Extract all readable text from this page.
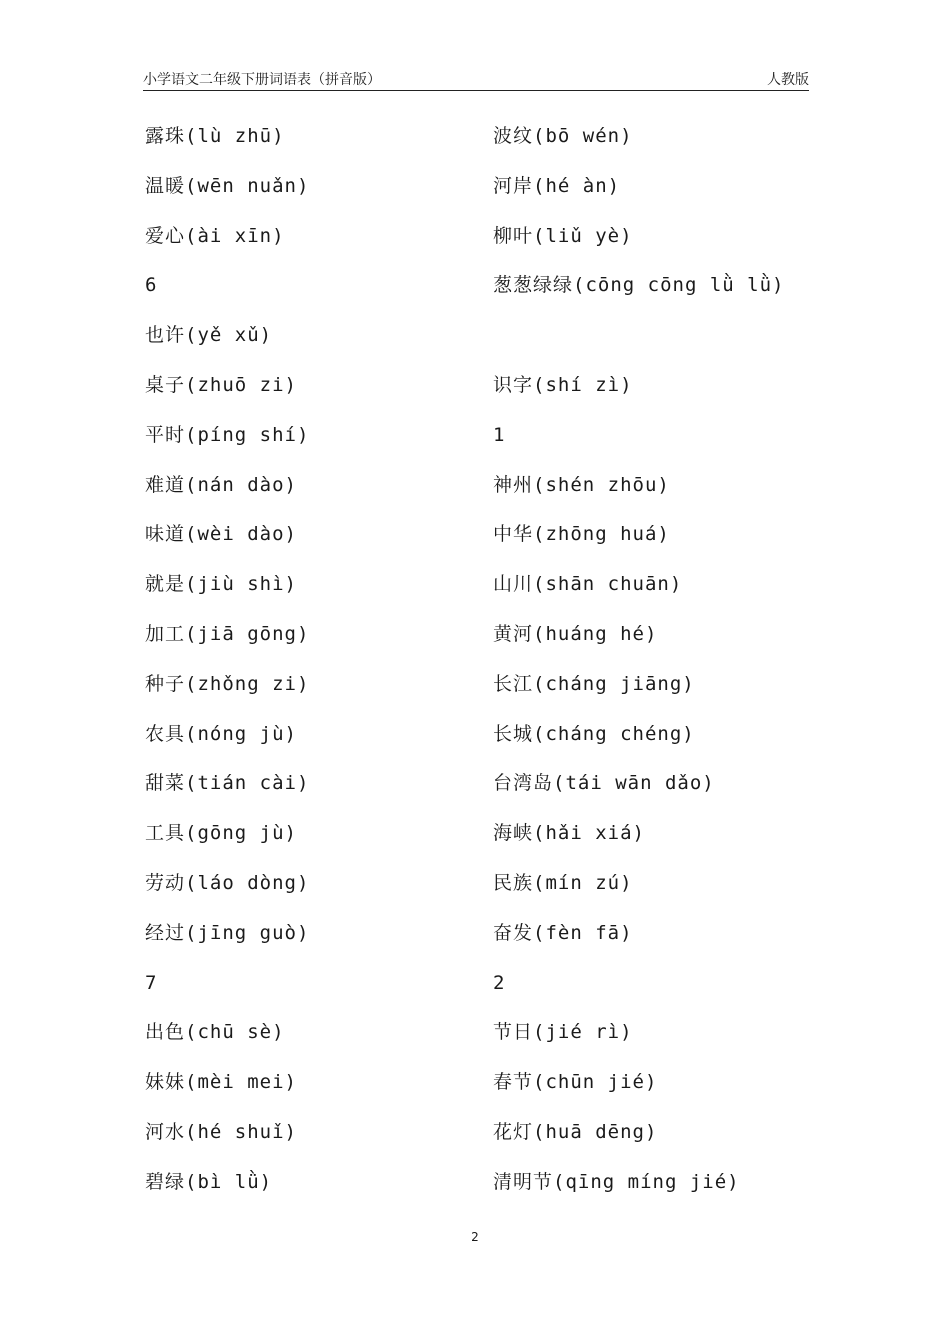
小学语文二年级下册词语表（拼音版）	人教版
露珠(lù zhū)
温暖(wēn nuǎn)
爱心(ài xīn)
6
也许(yě xǔ)
桌子(zhuō zi)
平时(píng shí)
难道(nán dào)
味道(wèi dào)
就是(jiù shì)
加工(jiā gōng)
种子(zhǒng zi)
农具(nóng jù)
甜菜(tián cài)
工具(gōng jù)
劳动(láo dòng)
经过(jīng guò)
7
出色(chū sè)
妹妹(mèi mei)
河水(hé shuǐ)
碧绿(bì lǜ)
波纹(bō wén)
河岸(hé àn)
柳叶(liǔ yè)
葱葱绿绿(cōng cōng lǜ lǜ)
识字(shí zì)
1
神州(shén zhōu)
中华(zhōng huá)
山川(shān chuān)
黄河(huáng hé)
长江(cháng jiāng)
长城(cháng chéng)
台湾岛(tái wān dǎo)
海峡(hǎi xiá)
民族(mín zú)
奋发(fèn fā)
2
节日(jié rì)
春节(chūn jié)
花灯(huā dēng)
清明节(qīng míng jié)
2
